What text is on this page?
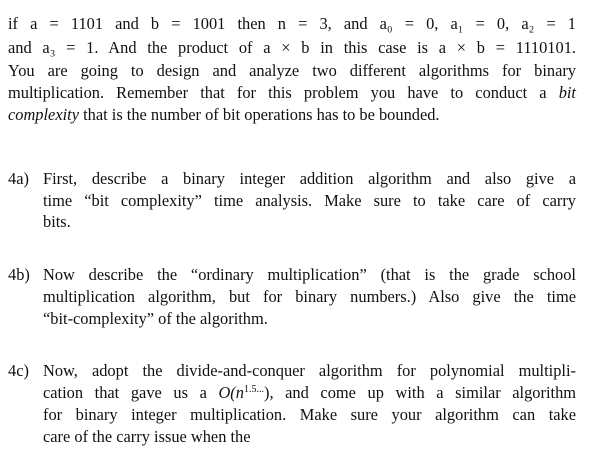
if a = 1101 and b = 1001 then n = 3, and a₀ = 0, a₁ = 0, a₂ = 1
and a₃ = 1. And the product of a × b in this case is a × b = 1110101.
You are going to design and analyze two different algorithms for binary
multiplication. Remember that for this problem you have to conduct a bit
complexity that is the number of bit operations has to be bounded.
4a) First, describe a binary integer addition algorithm and also give a
time “bit complexity” time analysis. Make sure to take care of carry
bits.
4b) Now describe the “ordinary multiplication” (that is the grade school
multiplication algorithm, but for binary numbers.) Also give the time
“bit-complexity” of the algorithm.
4c) Now, adopt the divide-and-conquer algorithm for polynomial multipli-
cation that gave us a $O(n^{1.5...})$, and come up with a similar algorithm
for binary integer multiplication. Make sure your algorithm can take
care of the carry issue when the
